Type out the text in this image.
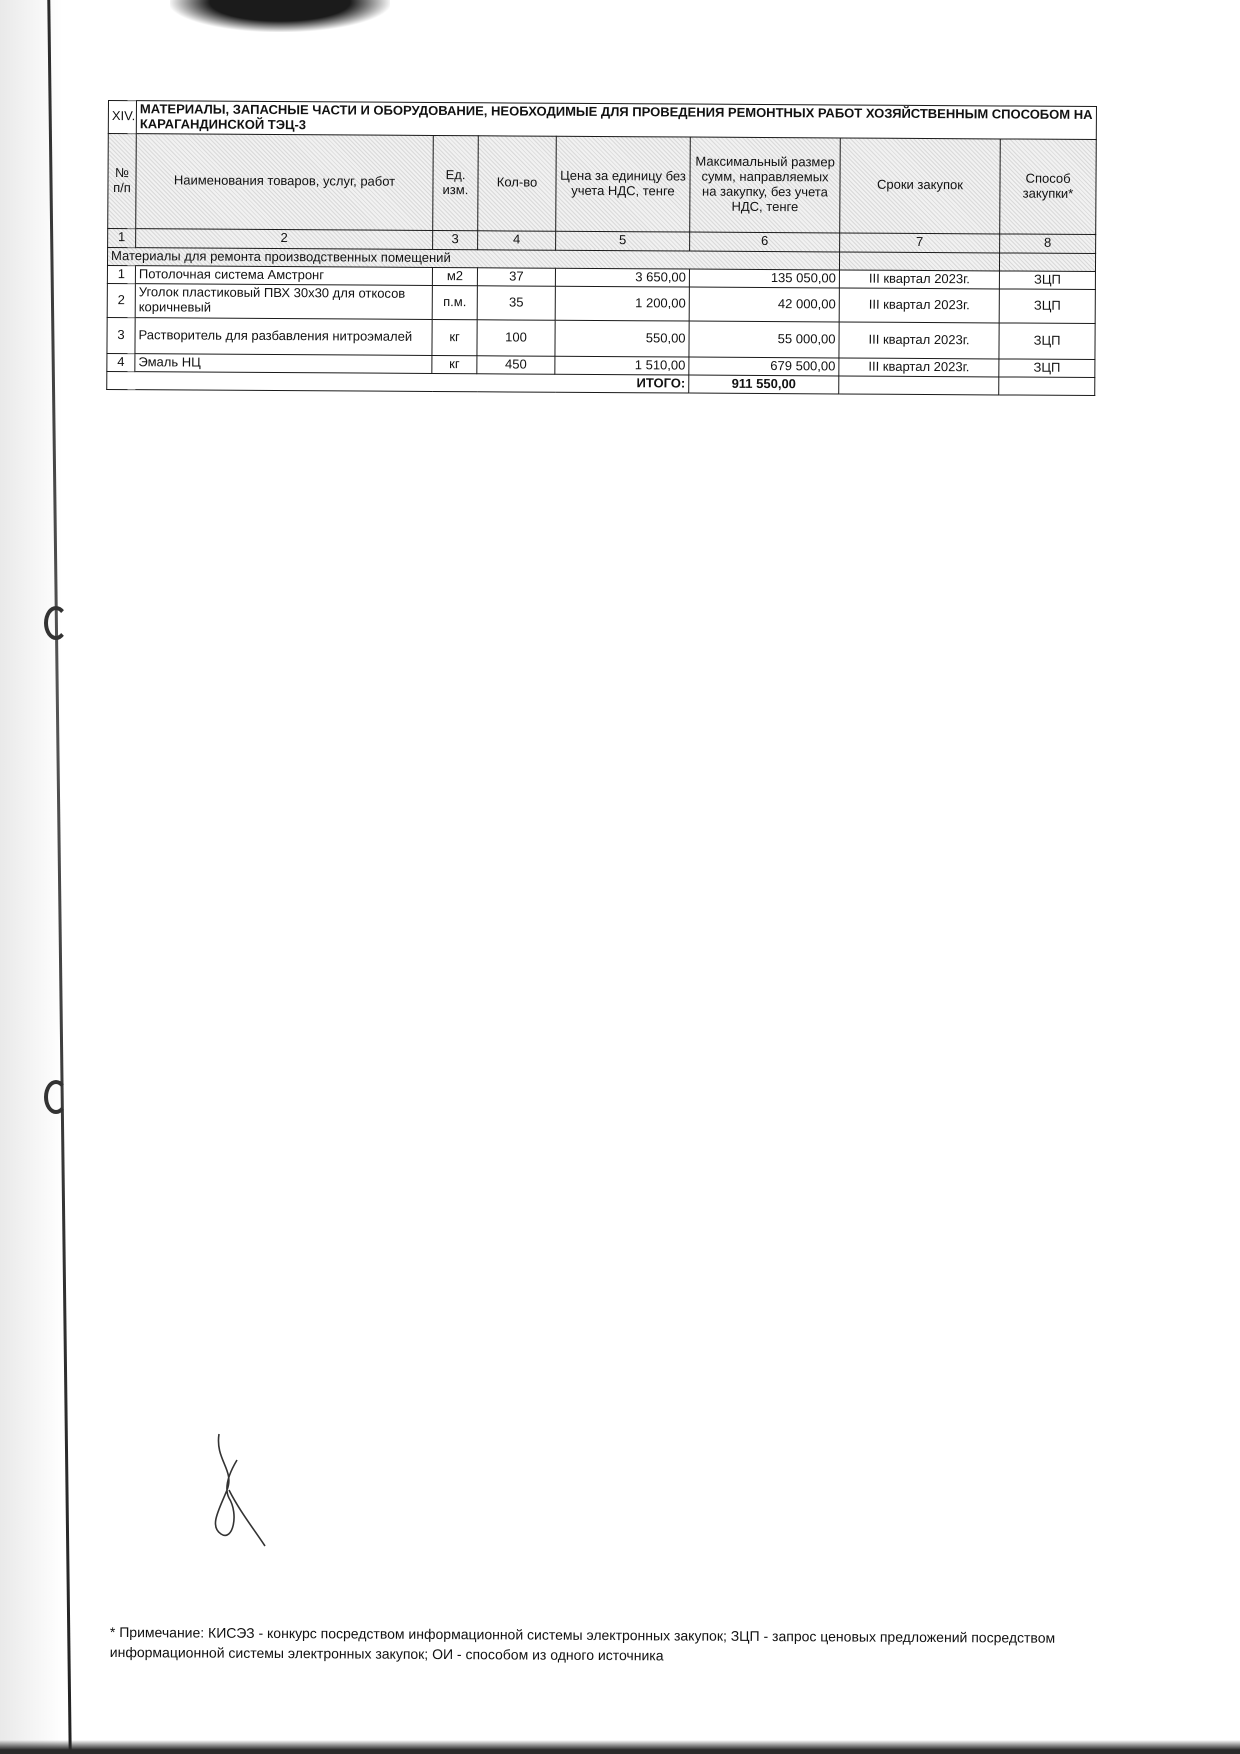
XIV.	МАТЕРИАЛЫ, ЗАПАСНЫЕ ЧАСТИ И ОБОРУДОВАНИЕ, НЕОБХОДИМЫЕ ДЛЯ ПРОВЕДЕНИЯ РЕМОНТНЫХ РАБОТ ХОЗЯЙСТВЕННЫМ СПОСОБОМ НА КАРАГАНДИНСКОЙ ТЭЦ-3						
№ п/п	Наименования товаров, услуг, работ	Ед. изм.	Кол-во	Цена за единицу без учета НДС, тенге	Максимальный размер сумм, направляемых на закупку, без учета НДС, тенге	Сроки закупок	Способ закупки*
1	2	3	4	5	6	7	8
Материалы для ремонта производственных помещений							
1	Потолочная система Амстронг	м2	37	3 650,00	135 050,00	III квартал 2023г.	ЗЦП
2	Уголок пластиковый ПВХ 30х30 для откосов коричневый	п.м.	35	1 200,00	42 000,00	III квартал 2023г.	ЗЦП
3	Растворитель для разбавления нитроэмалей	кг	100	550,00	55 000,00	III квартал 2023г.	ЗЦП
4	Эмаль НЦ	кг	450	1 510,00	679 500,00	III квартал 2023г.	ЗЦП
ИТОГО:					911 550,00		
* Примечание: КИСЭЗ - конкурс посредством информационной системы электронных закупок; ЗЦП - запрос ценовых предложений посредством информационной системы электронных закупок; ОИ - способом из одного источника
